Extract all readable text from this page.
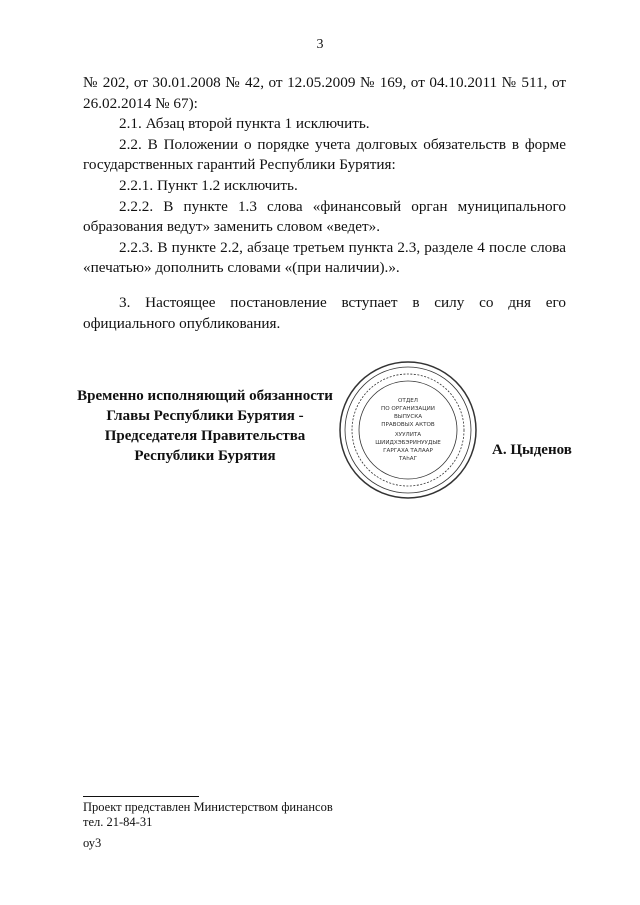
3

№ 202, от 30.01.2008 № 42, от 12.05.2009 № 169, от 04.10.2011 № 511, от 26.02.2014 № 67):

2.1. Абзац второй пункта 1 исключить.

2.2. В Положении о порядке учета долговых обязательств в форме государственных гарантий Республики Бурятия:

2.2.1. Пункт 1.2 исключить.

2.2.2. В пункте 1.3 слова «финансовый орган муниципального образования ведут» заменить словом «ведет».

2.2.3. В пункте 2.2, абзаце третьем пункта 2.3, разделе 4 после слова «печатью» дополнить словами «(при наличии).».

3. Настоящее постановление вступает в силу со дня его официального опубликования.

Временно исполняющий обязанности
Главы Республики Бурятия -
Председателя Правительства
Республики Бурятия
ОТДЕЛ
ПО ОРГАНИЗАЦИИ
ВЫПУСКА
ПРАВОВЫХ АКТОВ
ХУУЛИТА
ШИИДХЭБЭРИНУУДЫЕ
ГАРГАХА ТАЛААР
ТАһАГ
А. Цыденов
Проект представлен Министерством финансов
тел. 21-84-31
оу3
